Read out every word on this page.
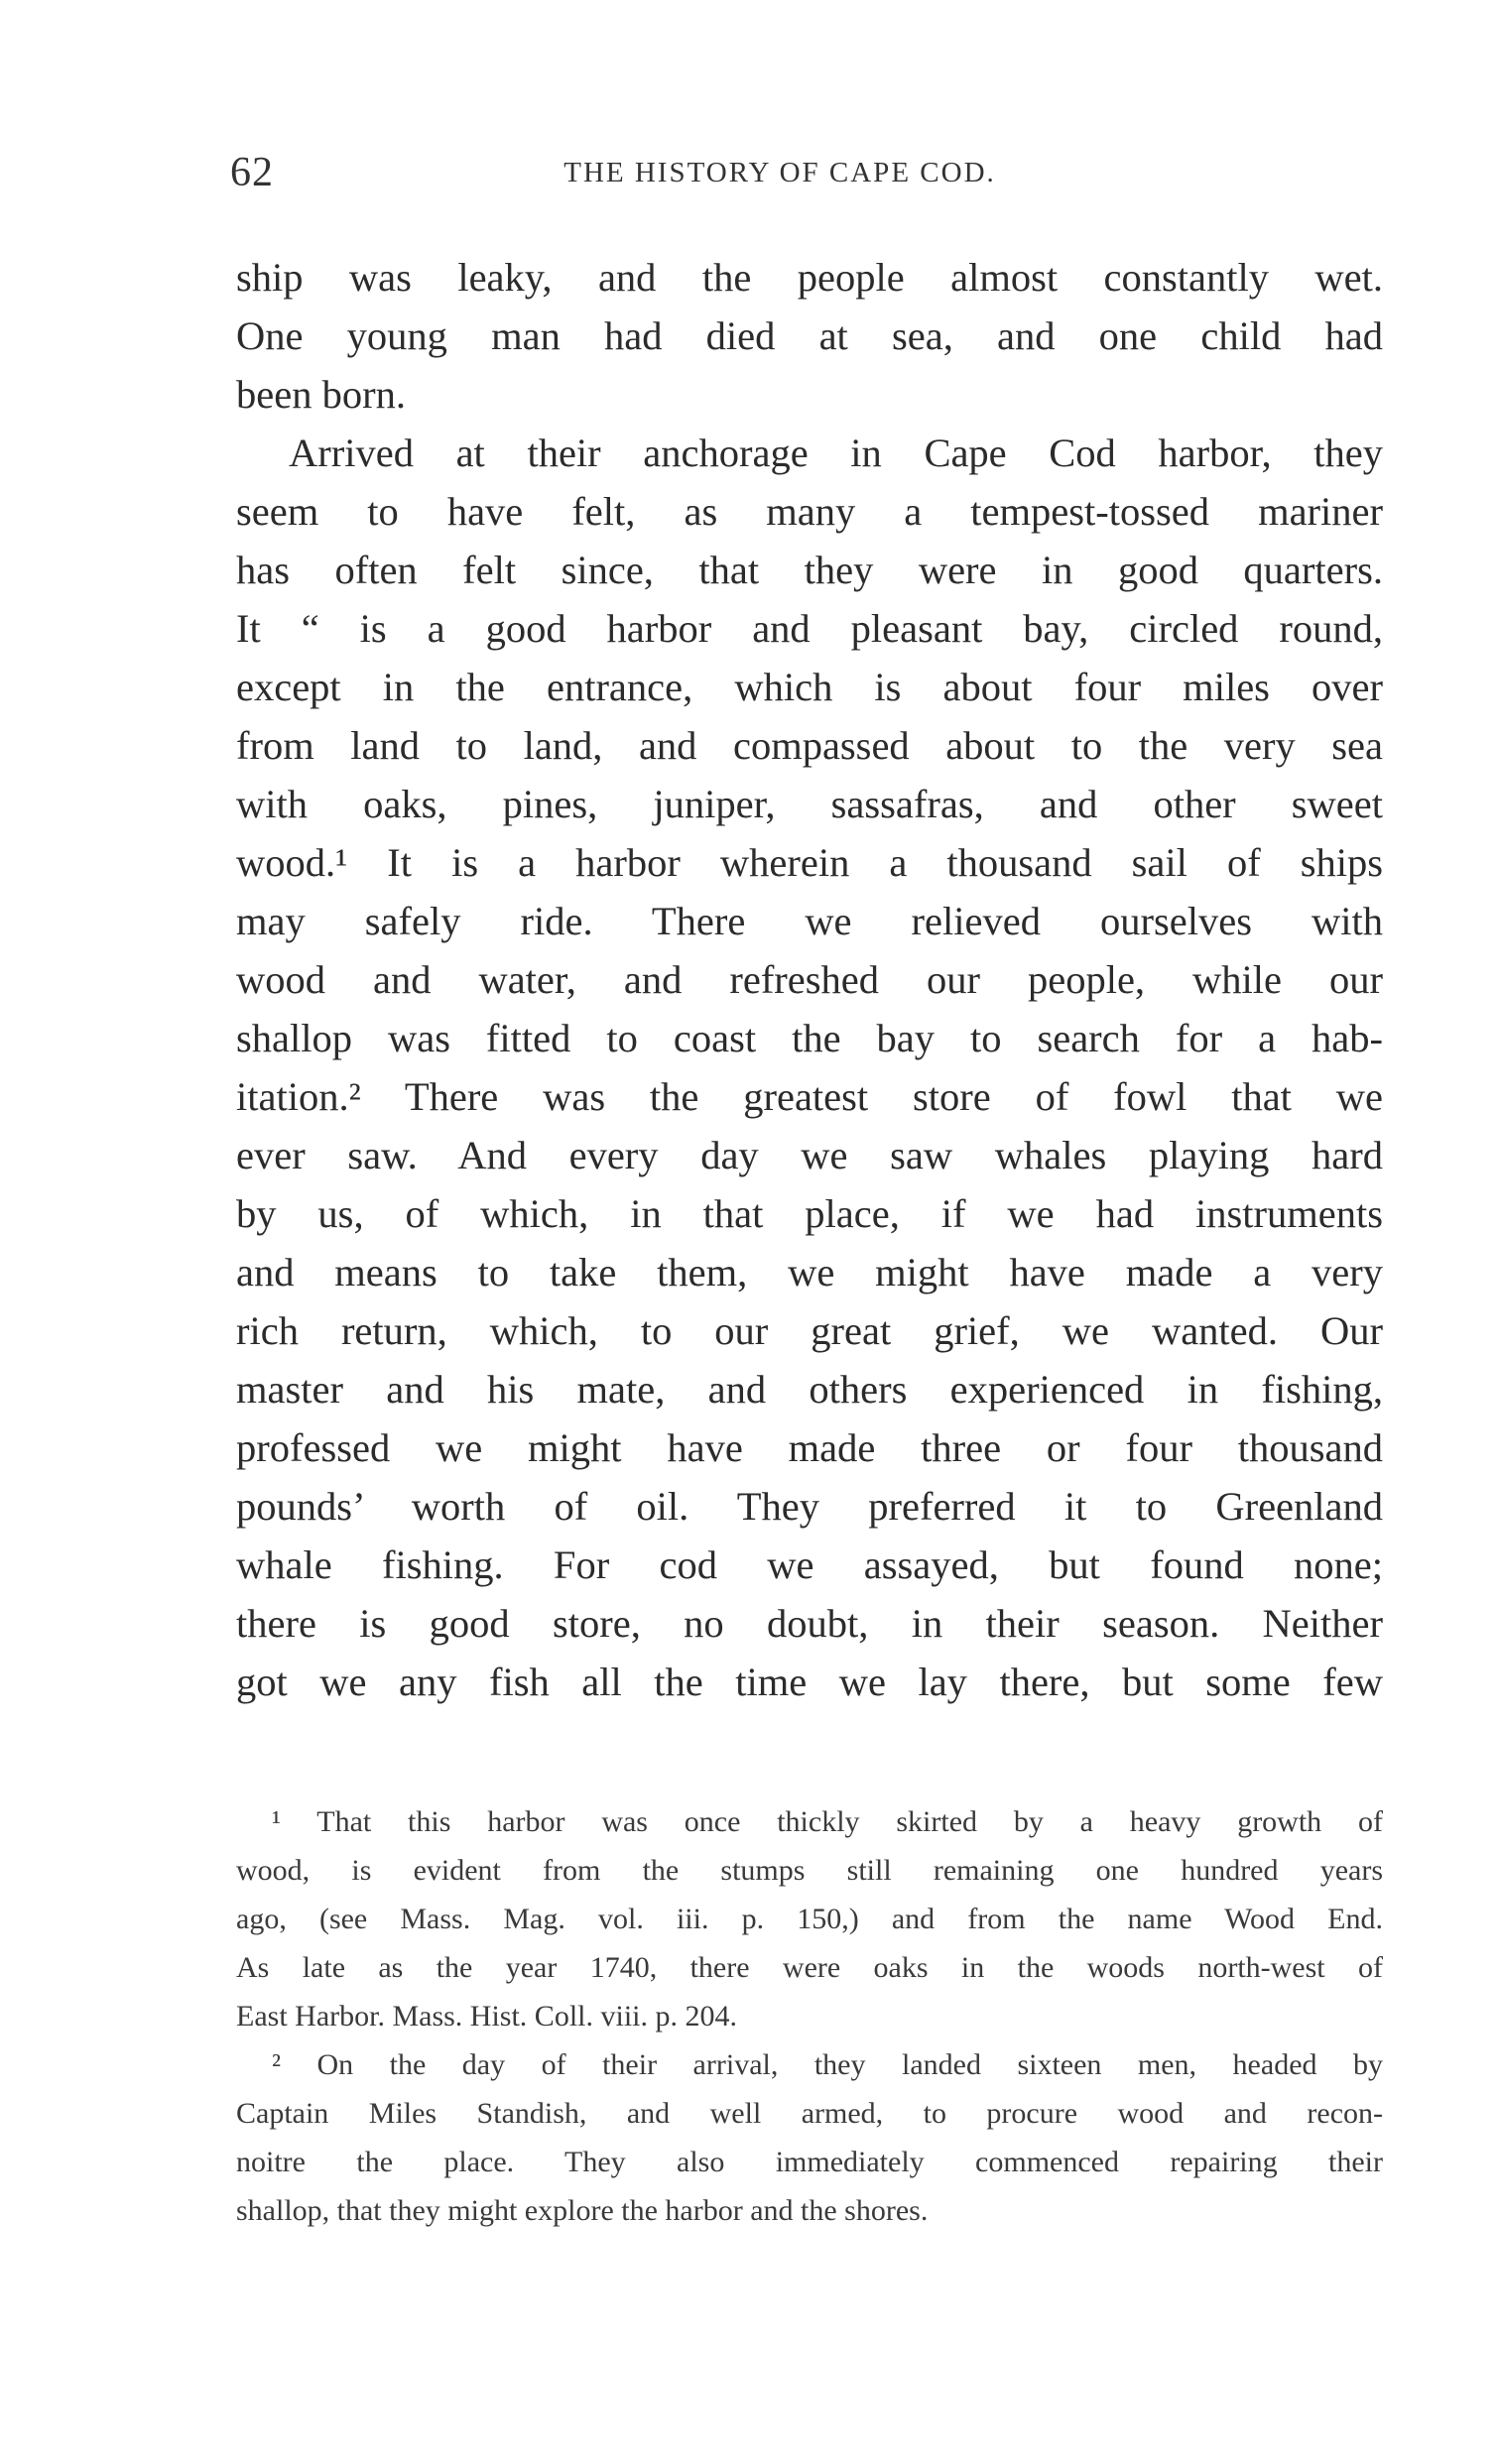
62	THE HISTORY OF CAPE COD.
ship was leaky, and the people almost constantly wet.
One young man had died at sea, and one child had
been born.
Arrived at their anchorage in Cape Cod harbor, they
seem to have felt, as many a tempest-tossed mariner
has often felt since, that they were in good quarters.
It “ is a good harbor and pleasant bay, circled round,
except in the entrance, which is about four miles over
from land to land, and compassed about to the very sea
with oaks, pines, juniper, sassafras, and other sweet
wood.¹ It is a harbor wherein a thousand sail of ships
may safely ride. There we relieved ourselves with
wood and water, and refreshed our people, while our
shallop was fitted to coast the bay to search for a hab-
itation.² There was the greatest store of fowl that we
ever saw. And every day we saw whales playing hard
by us, of which, in that place, if we had instruments
and means to take them, we might have made a very
rich return, which, to our great grief, we wanted. Our
master and his mate, and others experienced in fishing,
professed we might have made three or four thousand
pounds’ worth of oil. They preferred it to Greenland
whale fishing. For cod we assayed, but found none;
there is good store, no doubt, in their season. Neither
got we any fish all the time we lay there, but some few
¹ That this harbor was once thickly skirted by a heavy growth of
wood, is evident from the stumps still remaining one hundred years
ago, (see Mass. Mag. vol. iii. p. 150,) and from the name Wood End.
As late as the year 1740, there were oaks in the woods north-west of
East Harbor. Mass. Hist. Coll. viii. p. 204.
² On the day of their arrival, they landed sixteen men, headed by
Captain Miles Standish, and well armed, to procure wood and recon-
noitre the place. They also immediately commenced repairing their
shallop, that they might explore the harbor and the shores.
